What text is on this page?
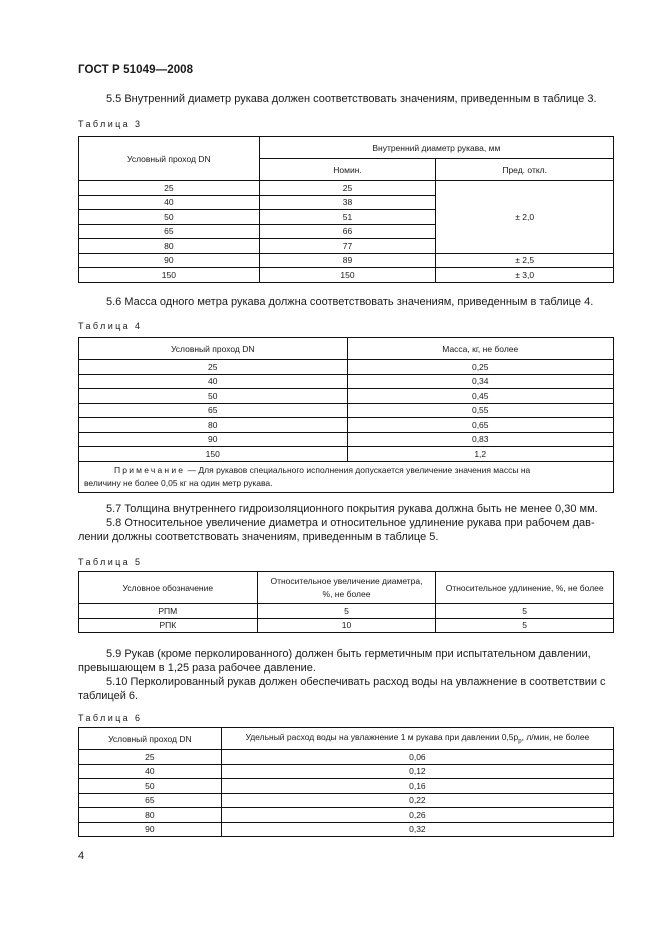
ГОСТ Р 51049—2008
5.5 Внутренний диаметр рукава должен соответствовать значениям, приведенным в таблице 3.
Таблица 3
Условный проход DN	Внутренний диаметр рукава, мм	
	Номин.	Пред. откл.
25	25	± 2,0
40	38	
50	51	
65	66	
80	77	
90	89	± 2,5
150	150	± 3,0
5.6 Масса одного метра рукава должна соответствовать значениям, приведенным в таблице 4.
Таблица 4
Условный проход DN	Масса, кг, не более
25	0,25
40	0,34
50	0,45
65	0,55
80	0,65
90	0,83
150	1,2

Примечание — Для рукавов специального исполнения допускается увеличение значения массы на
величину не более 0,05 кг на один метр рукава.	
5.7 Толщина внутреннего гидроизоляционного покрытия рукава должна быть не менее 0,30 мм.
5.8 Относительное увеличение диаметра и относительное удлинение рукава при рабочем дав-
лении должны соответствовать значениям, приведенным в таблице 5.
Таблица 5
Условное обозначение	Относительное увеличение диаметра,
%, не более	Относительное удлинение, %, не более
РПМ	5	5
РПК	10	5
5.9 Рукав (кроме перколированного) должен быть герметичным при испытательном давлении,
превышающем в 1,25 раза рабочее давление.
5.10 Перколированный рукав должен обеспечивать расход воды на увлажнение в соответствии с
таблицей 6.
Таблица 6
Условный проход DN	Удельный расход воды на увлажнение 1 м рукава при давлении $0,5р_р$, л/мин, не более
25	0,06
40	0,12
50	0,16
65	0,22
80	0,26
90	0,32
4
